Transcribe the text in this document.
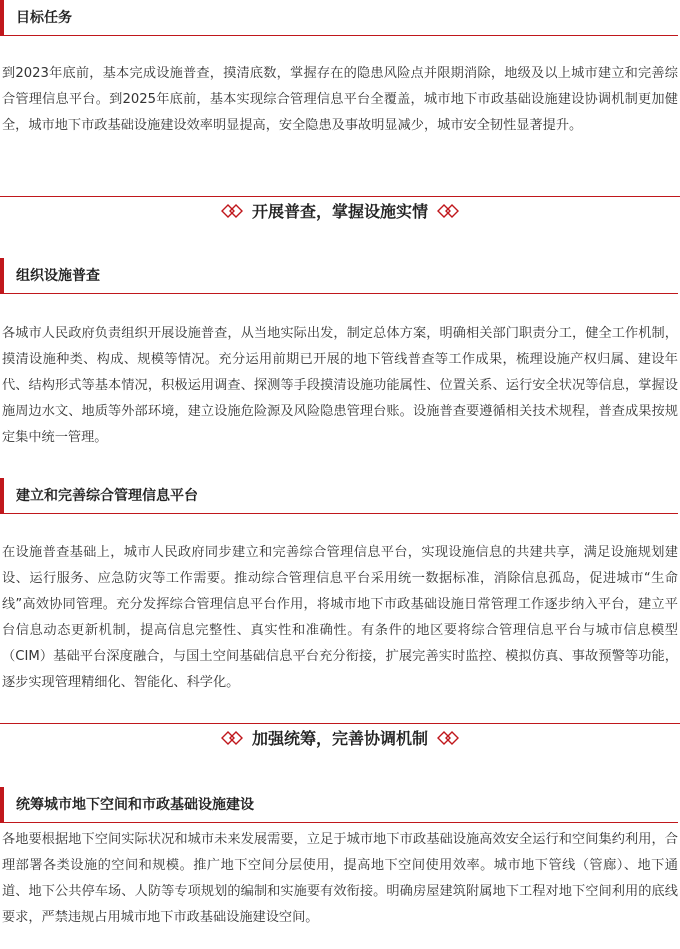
目标任务

到2023年底前，基本完成设施普查，摸清底数，掌握存在的隐患风险点并限期消除，地级及以上城市建立和完善综合管理信息平台。到2025年底前，基本实现综合管理信息平台全覆盖，城市地下市政基础设施建设协调机制更加健全，城市地下市政基础设施建设效率明显提高，安全隐患及事故明显减少，城市安全韧性显著提升。

开展普查，掌握设施实情
组织设施普查

各城市人民政府负责组织开展设施普查，从当地实际出发，制定总体方案，明确相关部门职责分工，健全工作机制，摸清设施种类、构成、规模等情况。充分运用前期已开展的地下管线普查等工作成果，梳理设施产权归属、建设年代、结构形式等基本情况，积极运用调查、探测等手段摸清设施功能属性、位置关系、运行安全状况等信息，掌握设施周边水文、地质等外部环境，建立设施危险源及风险隐患管理台账。设施普查要遵循相关技术规程，普查成果按规定集中统一管理。

建立和完善综合管理信息平台

在设施普查基础上，城市人民政府同步建立和完善综合管理信息平台，实现设施信息的共建共享，满足设施规划建设、运行服务、应急防灾等工作需要。推动综合管理信息平台采用统一数据标准，消除信息孤岛，促进城市“生命线”高效协同管理。充分发挥综合管理信息平台作用，将城市地下市政基础设施日常管理工作逐步纳入平台，建立平台信息动态更新机制，提高信息完整性、真实性和准确性。有条件的地区要将综合管理信息平台与城市信息模型（CIM）基础平台深度融合，与国土空间基础信息平台充分衔接，扩展完善实时监控、模拟仿真、事故预警等功能，逐步实现管理精细化、智能化、科学化。

加强统筹，完善协调机制
统筹城市地下空间和市政基础设施建设

各地要根据地下空间实际状况和城市未来发展需要，立足于城市地下市政基础设施高效安全运行和空间集约利用，合理部署各类设施的空间和规模。推广地下空间分层使用，提高地下空间使用效率。城市地下管线（管廊）、地下通道、地下公共停车场、人防等专项规划的编制和实施要有效衔接。明确房屋建筑附属地下工程对地下空间利用的底线要求，严禁违规占用城市地下市政基础设施建设空间。
